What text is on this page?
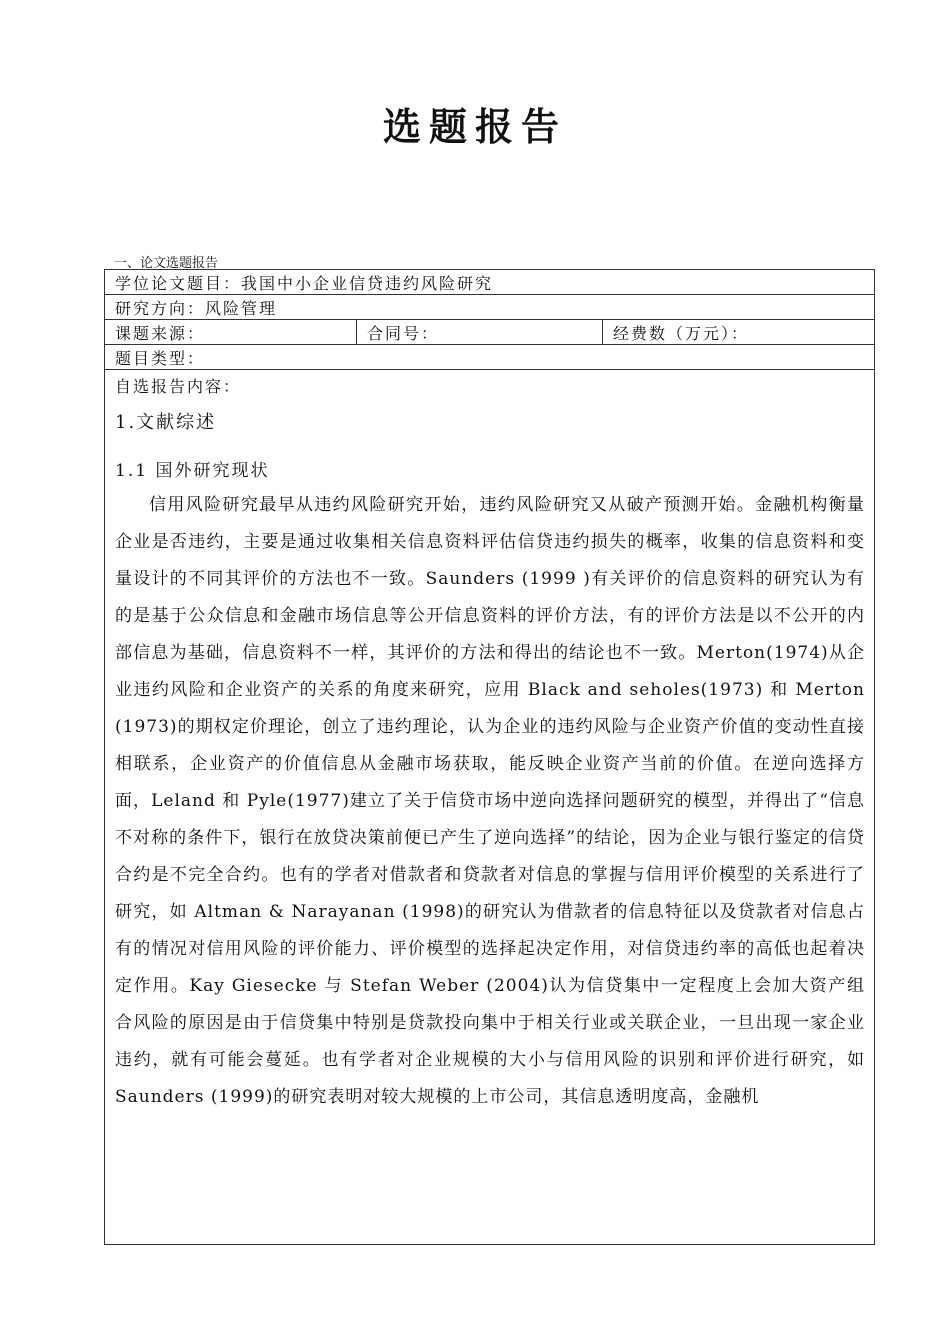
选题报告
一、论文选题报告
学位论文题目：我国中小企业信贷违约风险研究
研究方向：风险管理
课题来源：	合同号：	经费数（万元）：
题目类型：
自选报告内容：
1.文献综述
1.1 国外研究现状
信用风险研究最早从违约风险研究开始，违约风险研究又从破产预测开始。金融机构衡量企业是否违约，主要是通过收集相关信息资料评估信贷违约损失的概率，收集的信息资料和变量设计的不同其评价的方法也不一致。Saunders (1999 )有关评价的信息资料的研究认为有的是基于公众信息和金融市场信息等公开信息资料的评价方法，有的评价方法是以不公开的内部信息为基础，信息资料不一样，其评价的方法和得出的结论也不一致。Merton(1974)从企业违约风险和企业资产的关系的角度来研究，应用 Black and seholes(1973) 和 Merton (1973)的期权定价理论，创立了违约理论，认为企业的违约风险与企业资产价值的变动性直接相联系，企业资产的价值信息从金融市场获取，能反映企业资产当前的价值。在逆向选择方面，Leland 和 Pyle(1977)建立了关于信贷市场中逆向选择问题研究的模型，并得出了“信息不对称的条件下，银行在放贷决策前便已产生了逆向选择”的结论，因为企业与银行鉴定的信贷合约是不完全合约。也有的学者对借款者和贷款者对信息的掌握与信用评价模型的关系进行了研究，如 Altman & Narayanan (1998)的研究认为借款者的信息特征以及贷款者对信息占有的情况对信用风险的评价能力、评价模型的选择起决定作用，对信贷违约率的高低也起着决定作用。Kay Giesecke 与 Stefan Weber (2004)认为信贷集中一定程度上会加大资产组合风险的原因是由于信贷集中特别是贷款投向集中于相关行业或关联企业，一旦出现一家企业违约，就有可能会蔓延。也有学者对企业规模的大小与信用风险的识别和评价进行研究，如 Saunders (1999)的研究表明对较大规模的上市公司，其信息透明度高，金融机
